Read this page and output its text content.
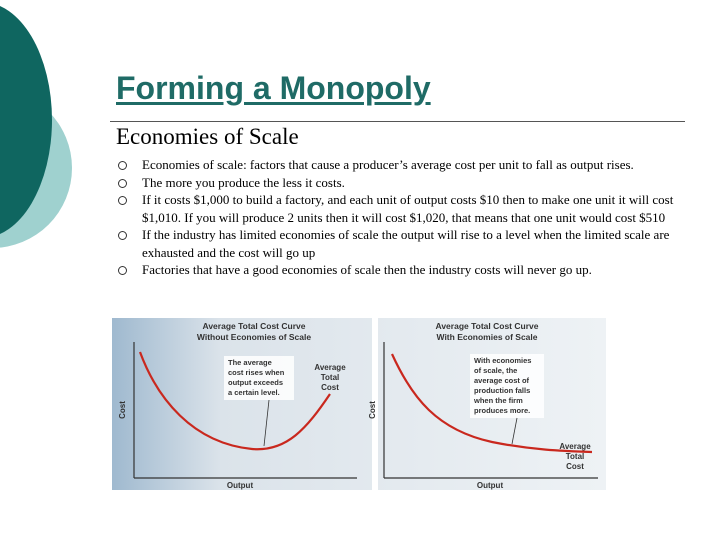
Forming a Monopoly
Economies of Scale
Economies of scale: factors that cause a producer’s average cost per unit to fall as output rises.
The more you produce the less it costs.
If it costs $1,000 to build a factory, and each unit of output costs $10 then to make one unit it will cost $1,010. If you will produce 2 units then it will cost $1,020, that means that one unit would cost $510
If the industry has limited economies of scale the output will rise to a level when the limited scale are exhausted and the cost will go up
Factories that have a good economies of scale then the industry costs will never go up.
Average Total Cost Curve
Without Economies of Scale
Cost
Output
The average
cost rises when
output exceeds
a certain level.
Average
Total
Cost
Average Total Cost Curve
With Economies of Scale
Cost
Output
With economies
of scale, the
average cost of
production falls
when the firm
produces more.
Average
Total
Cost
